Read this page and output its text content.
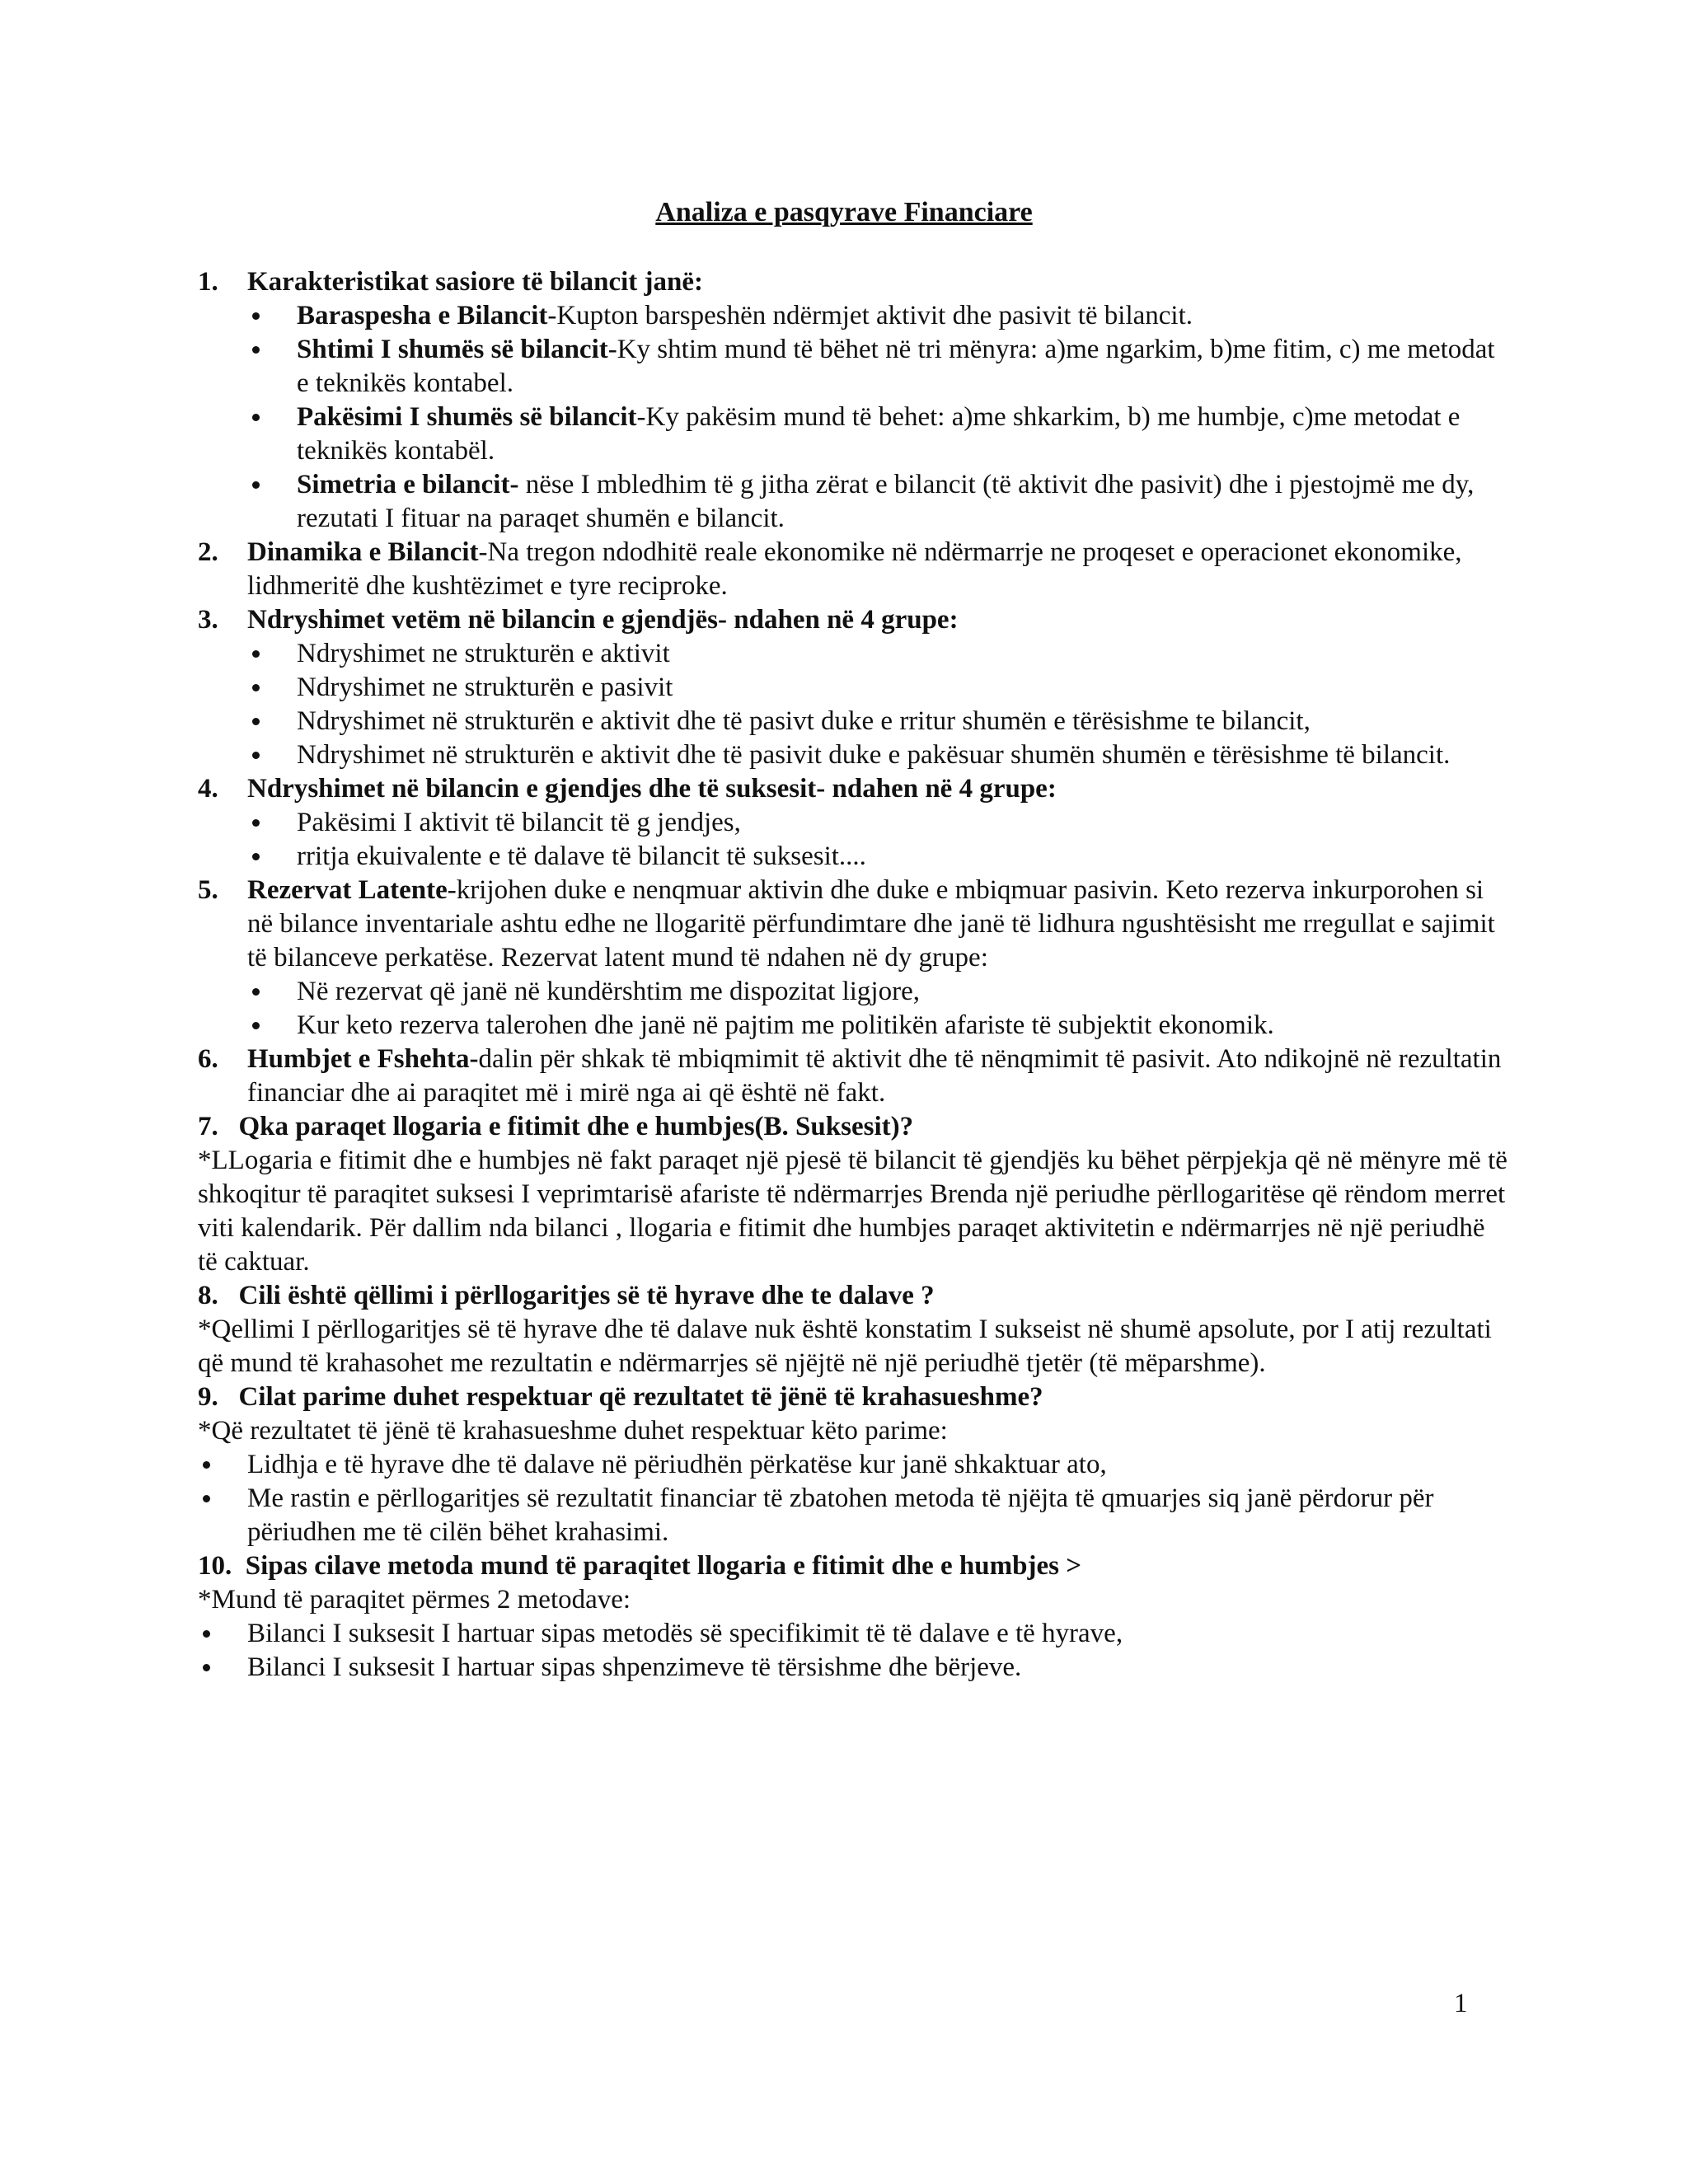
Analiza e pasqyrave Financiare
1. Karakteristikat sasiore të bilancit janë:
Baraspesha e Bilancit-Kupton barspeshën ndërmjet aktivit dhe pasivit të bilancit.
Shtimi I shumës së bilancit-Ky shtim mund të bëhet në tri mënyra: a)me ngarkim, b)me fitim, c) me metodat e teknikës kontabel.
Pakësimi I shumës së bilancit-Ky pakësim mund të behet: a)me shkarkim, b) me humbje, c)me metodat e teknikës kontabël.
Simetria e bilancit- nëse I mbledhim të g jitha zërat e bilancit (të aktivit dhe pasivit) dhe i pjestojmë me dy, rezutati I fituar na paraqet shumën e bilancit.
2. Dinamika e Bilancit-Na tregon ndodhitë reale ekonomike në ndërmarrje ne proqeset e operacionet ekonomike, lidhmeritë dhe kushtëzimet e tyre reciproke.
3. Ndryshimet vetëm në bilancin e gjendjës- ndahen në 4 grupe:
Ndryshimet ne strukturën e aktivit
Ndryshimet ne strukturën e pasivit
Ndryshimet në strukturën e aktivit dhe të pasivt duke e rritur shumën e tërësishme te bilancit,
Ndryshimet në strukturën e aktivit dhe të pasivit duke e pakësuar shumën shumën e tërësishme të bilancit.
4. Ndryshimet në bilancin e gjendjes dhe të suksesit- ndahen në 4 grupe:
Pakësimi I aktivit të bilancit të g jendjes,
rritja ekuivalente e të dalave të bilancit të suksesit....
5. Rezervat Latente-krijohen duke e nenqmuar aktivin dhe duke e mbiqmuar pasivin. Keto rezerva inkurporohen si në bilance inventariale ashtu edhe ne llogaritë përfundimtare dhe janë të lidhura ngushtësisht me rregullat e sajimit të bilanceve perkatëse. Rezervat latent mund të ndahen në dy grupe:
Në rezervat që janë në kundërshtim me dispozitat ligjore,
Kur keto rezerva talerohen dhe janë në pajtim me politikën afariste të subjektit ekonomik.
6. Humbjet e Fshehta-dalin për shkak të mbiqmimit të aktivit dhe të nënqmimit të pasivit. Ato ndikojnë në rezultatin financiar dhe ai paraqitet më i mirë nga ai që është në fakt.
7.   Qka paraqet llogaria e fitimit dhe e humbjes(B. Suksesit)?
*LLogaria e fitimit dhe e humbjes në fakt paraqet një pjesë të bilancit të gjendjës ku bëhet përpjekja që në mënyre më të shkoqitur të paraqitet suksesi I veprimtarisë afariste të ndërmarrjes Brenda një periudhe përllogaritëse që rëndom merret viti kalendarik. Për dallim nda bilanci , llogaria e fitimit dhe humbjes paraqet aktivitetin e ndërmarrjes në një periudhë të caktuar.
8.   Cili është qëllimi i përllogaritjes së të hyrave dhe te dalave ?
*Qellimi I përllogaritjes së të hyrave dhe të dalave nuk është konstatim I sukseist në shumë apsolute, por I atij rezultati që mund të krahasohet me rezultatin e ndërmarrjes së njëjtë në një periudhë tjetër (të mëparshme).
9.   Cilat parime duhet respektuar që rezultatet të jënë të krahasueshme?
*Që rezultatet të jënë të krahasueshme duhet respektuar këto parime:
Lidhja e të hyrave dhe të dalave në përiudhën përkatëse kur janë shkaktuar ato,
Me rastin e përllogaritjes së rezultatit financiar të zbatohen metoda të njëjta të qmuarjes siq janë përdorur për përiudhen me të cilën bëhet krahasimi.
10.  Sipas cilave metoda mund të paraqitet llogaria e fitimit dhe e humbjes >
*Mund të paraqitet përmes 2 metodave:
Bilanci I suksesit I hartuar sipas metodës së specifikimit të të dalave e të hyrave,
Bilanci I suksesit I hartuar sipas shpenzimeve të tërsishme dhe bërjeve.
1
